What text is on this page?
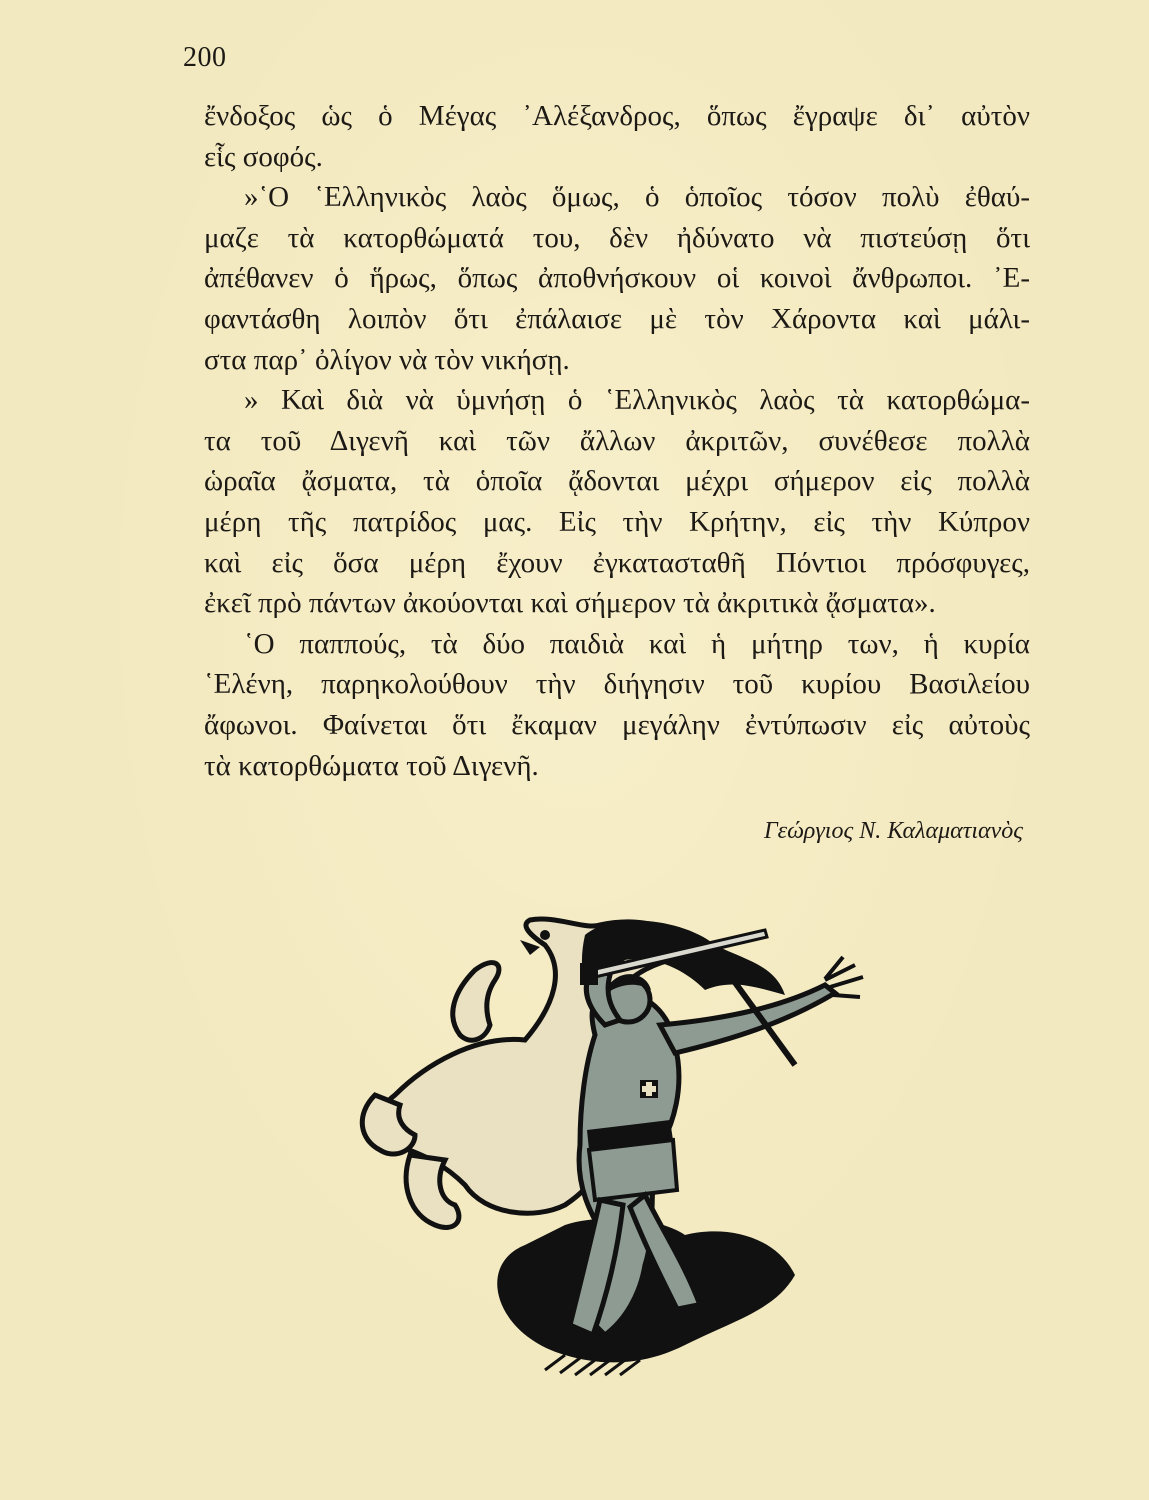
200

ἔνδοξος ὡς ὁ Μέγας ᾿Αλέξανδρος, ὅπως ἔγραψε δι᾿ αὐτὸν
εἷς σοφός.

»῾Ο ῾Ελληνικὸς λαὸς ὅμως, ὁ ὁποῖος τόσον πολὺ ἐθαύ-
μαζε τὰ κατορθώματά του, δὲν ἠδύνατο νὰ πιστεύσῃ ὅτι
ἀπέθανεν ὁ ἥρως, ὅπως ἀποθνήσκουν οἱ κοινοὶ ἄνθρωποι. ᾿Ε-
φαντάσθη λοιπὸν ὅτι ἐπάλαισε μὲ τὸν Χάροντα καὶ μάλι-
στα παρ᾿ ὀλίγον νὰ τὸν νικήσῃ.

» Καὶ διὰ νὰ ὑμνήσῃ ὁ ῾Ελληνικὸς λαὸς τὰ κατορθώμα-
τα τοῦ Διγενῆ καὶ τῶν ἄλλων ἀκριτῶν, συνέθεσε πολλὰ
ὡραῖα ᾄσματα, τὰ ὁποῖα ᾄδονται μέχρι σήμερον εἰς πολλὰ
μέρη τῆς πατρίδος μας. Εἰς τὴν Κρήτην, εἰς τὴν Κύπρον
καὶ εἰς ὅσα μέρη ἔχουν ἐγκατασταθῆ Πόντιοι πρόσφυγες,
ἐκεῖ πρὸ πάντων ἀκούονται καὶ σήμερον τὰ ἀκριτικὰ ᾄσματα».

῾Ο παππούς, τὰ δύο παιδιὰ καὶ ἡ μήτηρ των, ἡ κυρία
῾Ελένη, παρηκολούθουν τὴν διήγησιν τοῦ κυρίου Βασιλείου
ἄφωνοι. Φαίνεται ὅτι ἔκαμαν μεγάλην ἐντύπωσιν εἰς αὐτοὺς
τὰ κατορθώματα τοῦ Διγενῆ.

Γεώργιος Ν. Καλαματιανὸς
